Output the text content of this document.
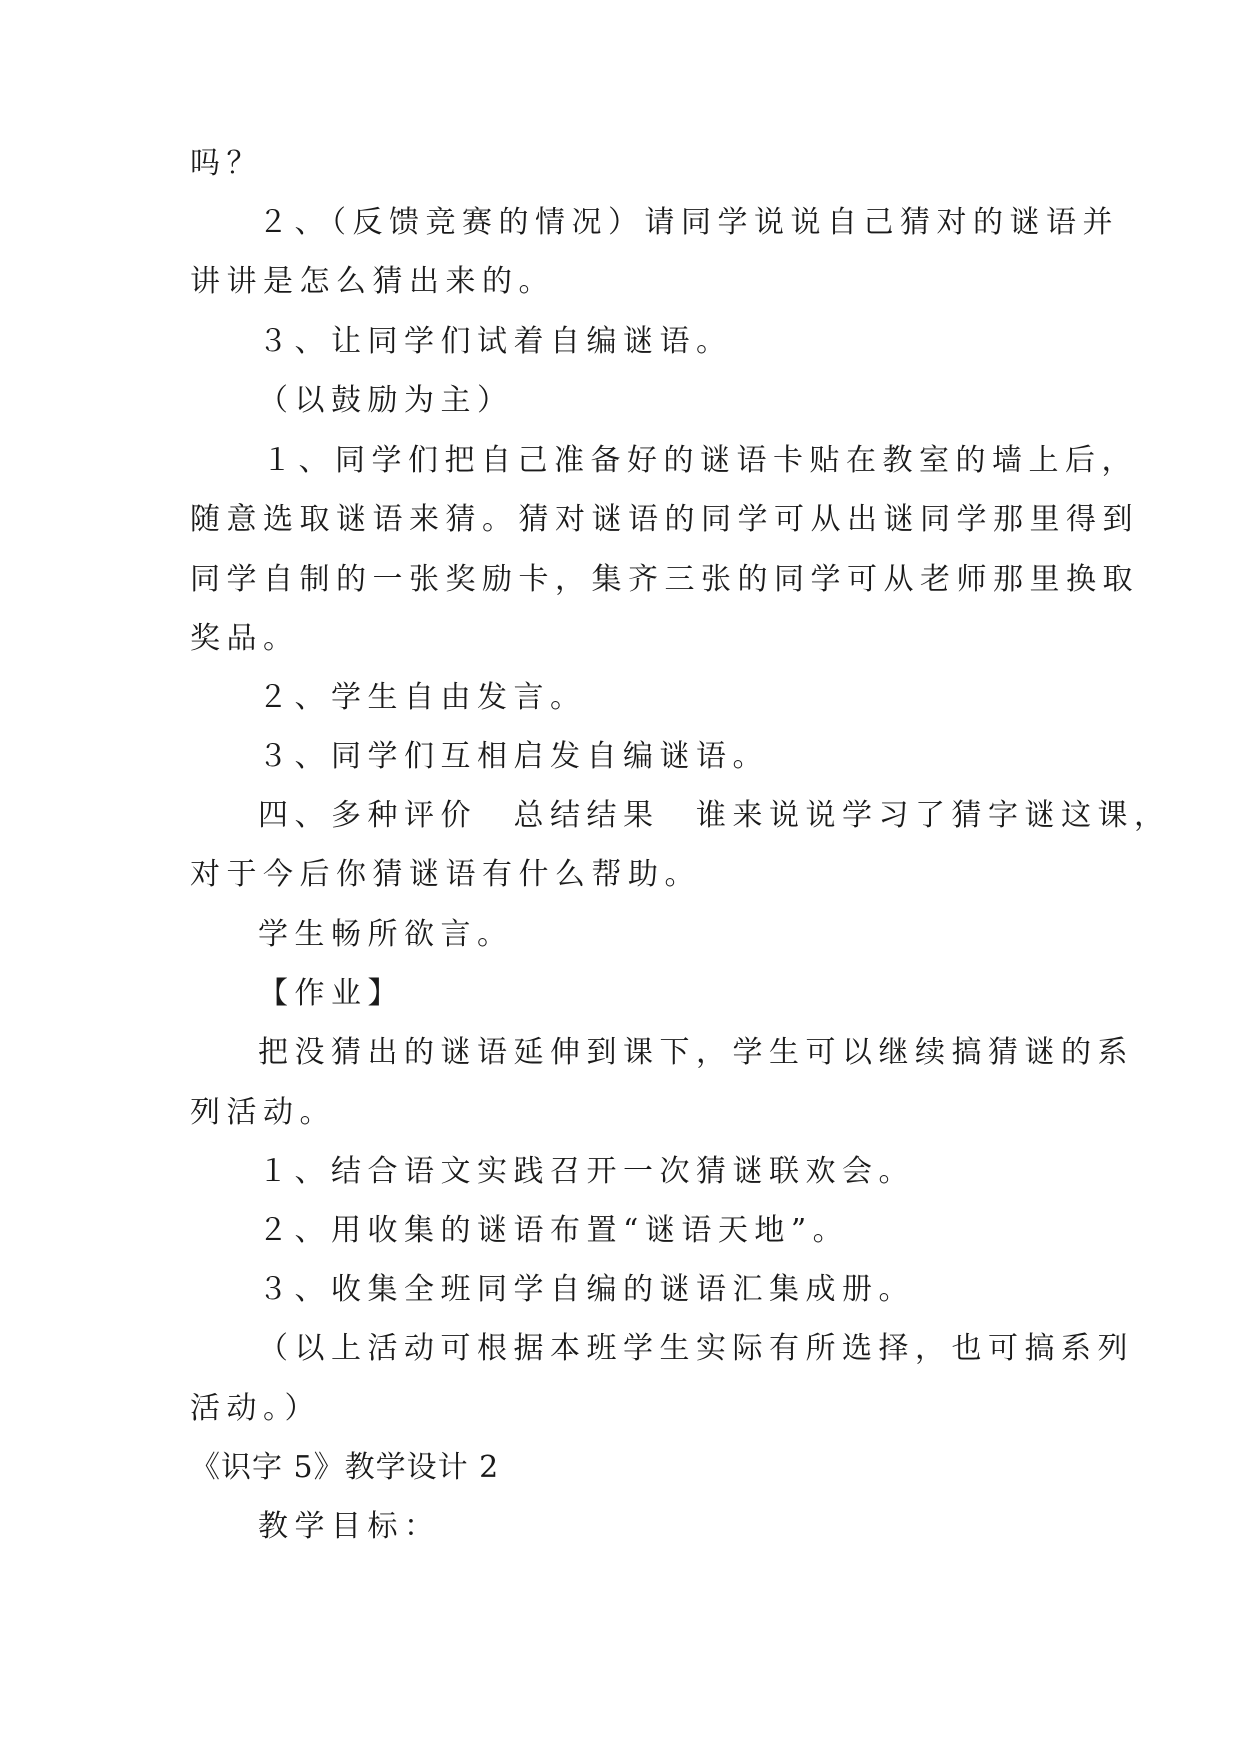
吗？
２、（反馈竞赛的情况）请同学说说自己猜对的谜语并
讲讲是怎么猜出来的。
３、让同学们试着自编谜语。
（以鼓励为主）
１、同学们把自己准备好的谜语卡贴在教室的墙上后，
随意选取谜语来猜。猜对谜语的同学可从出谜同学那里得到
同学自制的一张奖励卡，集齐三张的同学可从老师那里换取
奖品。
２、学生自由发言。
３、同学们互相启发自编谜语。
四、多种评价　总结结果　谁来说说学习了猜字谜这课，
对于今后你猜谜语有什么帮助。
学生畅所欲言。
【作业】
把没猜出的谜语延伸到课下，学生可以继续搞猜谜的系
列活动。
１、结合语文实践召开一次猜谜联欢会。
２、用收集的谜语布置“谜语天地”。
３、收集全班同学自编的谜语汇集成册。
（以上活动可根据本班学生实际有所选择，也可搞系列
活动。）
《识字 5》教学设计 2
教学目标：
